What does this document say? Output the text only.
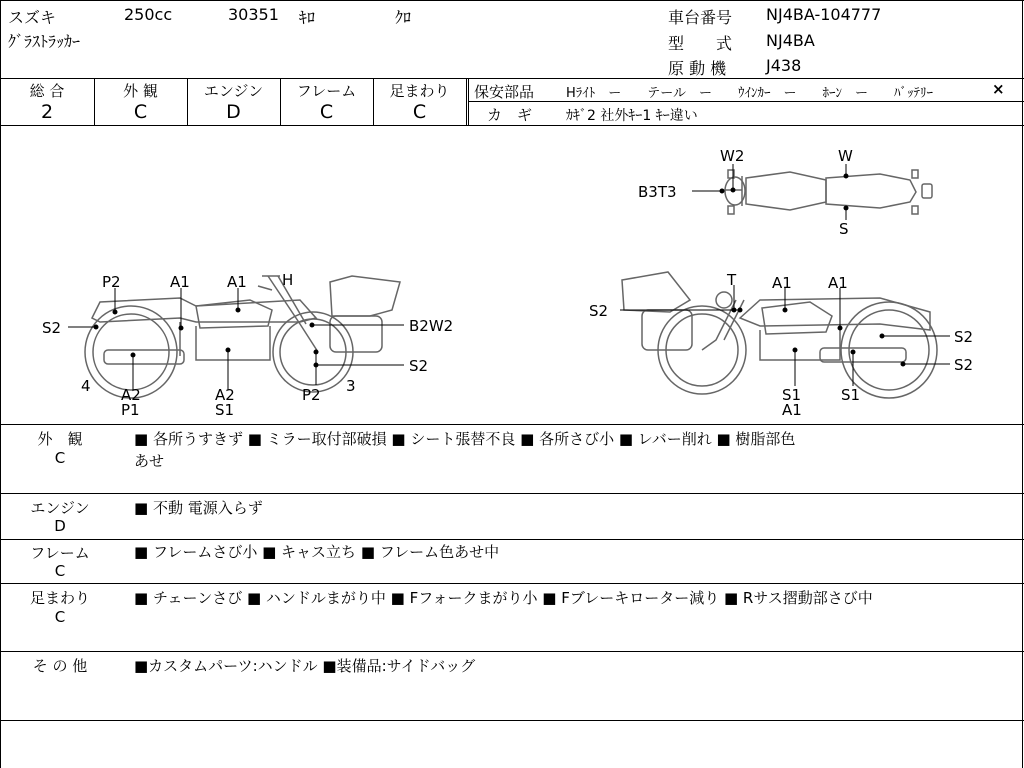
スズキ	250cc	30351 ｷﾛ	ｸﾛ
ｸﾞﾗｽﾄﾗｯｶｰ
車台番号 NJ4BA-104777
型　　式 NJ4BA
原 動 機 J438
総 合
2
外 観
C
エンジン
D
フレーム
C
足まわり
C
保安部品 Hﾗｲﾄ　ー　　テール　ー　　ｳｲﾝｶｰ　ー　　ﾎｰﾝ　ー　　ﾊﾞｯﾃﾘｰ	×
カ　ギ ｶｷﾞ2 社外ｷｰ1 ｷｰ違い
P2	A1 A1 H
S2	B2W2
S2
4 A2
P1
A2
S1
P2 3
T A1 A1
S2
S2
S2
S1
A1
S1
W2	W
B3T3
S
外　観
C
■ 各所うすきず ■ ミラー取付部破損 ■ シート張替不良 ■ 各所さび小 ■ レバー削れ ■ 樹脂部色
あせ
エンジン
D
■ 不動 電源入らず
フレーム
C
■ フレームさび小 ■ キャス立ち ■ フレーム色あせ中
足まわり
C
■ チェーンさび ■ ハンドルまがり中 ■ Fフォークまがり小 ■ Fブレーキローター減り ■ Rサス摺動部さび中
そ の 他	■カスタムパーツ:ハンドル ■装備品:サイドバッグ
